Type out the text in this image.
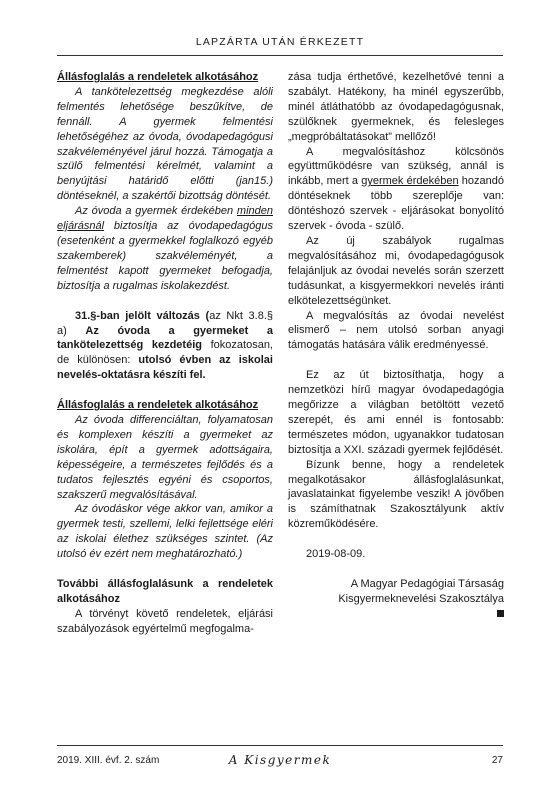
LAPZÁRTA UTÁN ÉRKEZETT

Állásfoglalás a rendeletek alkotásához

A tankötelezettség megkezdése alóli felmentés lehetősége beszűkítve, de fennáll. A gyermek felmentési lehetőségéhez az óvoda, óvodapedagógusi szakvéleményével járul hozzá. Támogatja a szülő felmentési kérelmét, valamint a benyújtási határidő előtti (jan15.) döntéseknél, a szakértői bizottság döntését.

Az óvoda a gyermek érdekében minden eljárásnál biztosítja az óvodapedagógus (esetenként a gyermekkel foglalkozó egyéb szakemberek) szakvéleményét, a felmentést kapott gyermeket befogadja, biztosítja a rugalmas iskolakezdést.

31.§-ban jelölt változás (az Nkt 3.8.§ a) Az óvoda a gyermeket a tankötelezettség kezdetéig fokozatosan, de különösen: utolsó évben az iskolai nevelés-oktatásra készíti fel.

Állásfoglalás a rendeletek alkotásához

Az óvoda differenciáltan, folyamatosan és komplexen készíti a gyermeket az iskolára, épít a gyermek adottságaira, képességeire, a természetes fejlődés és a tudatos fejlesztés egyéni és csoportos, szakszerű megvalósításával.

Az óvodáskor vége akkor van, amikor a gyermek testi, szellemi, lelki fejlettsége eléri az iskolai élethez szükséges szintet. (Az utolsó év ezért nem meghatározható.)

További állásfoglalásunk a rendeletek alkotásához

A törvényt követő rendeletek, eljárási szabályozások egyértelmű megfogalma-

zása tudja érthetővé, kezelhetővé tenni a szabályt. Hatékony, ha minél egyszerűbb, minél átláthatóbb az óvodapedagógusnak, szülőknek gyermeknek, és felesleges „megpróbáltatásokat” mellőző!

A megvalósításhoz kölcsönös együttműködésre van szükség, annál is inkább, mert a gyermek érdekében hozandó döntéseknek több szereplője van: döntéshozó szervek - eljárásokat bonyolító szervek - óvoda - szülő.

Az új szabályok rugalmas megvalósításához mi, óvodapedagógusok felajánljuk az óvodai nevelés során szerzett tudásunkat, a kisgyermekkori nevelés iránti elkötelezettségünket.

A megvalósítás az óvodai nevelést elismerő – nem utolsó sorban anyagi támogatás hatására válik eredményessé.

Ez az út biztosíthatja, hogy a nemzetközi hírű magyar óvodapedagógia megőrizze a világban betöltött vezető szerepét, és ami ennél is fontosabb: természetes módon, ugyanakkor tudatosan biztosítja a XXI. századi gyermek fejlődését.

Bízunk benne, hogy a rendeletek megalkotásakor állásfoglalásunkat, javaslatainkat figyelembe veszik! A jövőben is számíthatnak Szakosztályunk aktív közreműködésére.

2019-08-09.

A Magyar Pedagógiai Társaság

Kisgyermeknevelési Szakosztálya

2019. XIII. évf. 2. szám	A Kisgyermek	27
